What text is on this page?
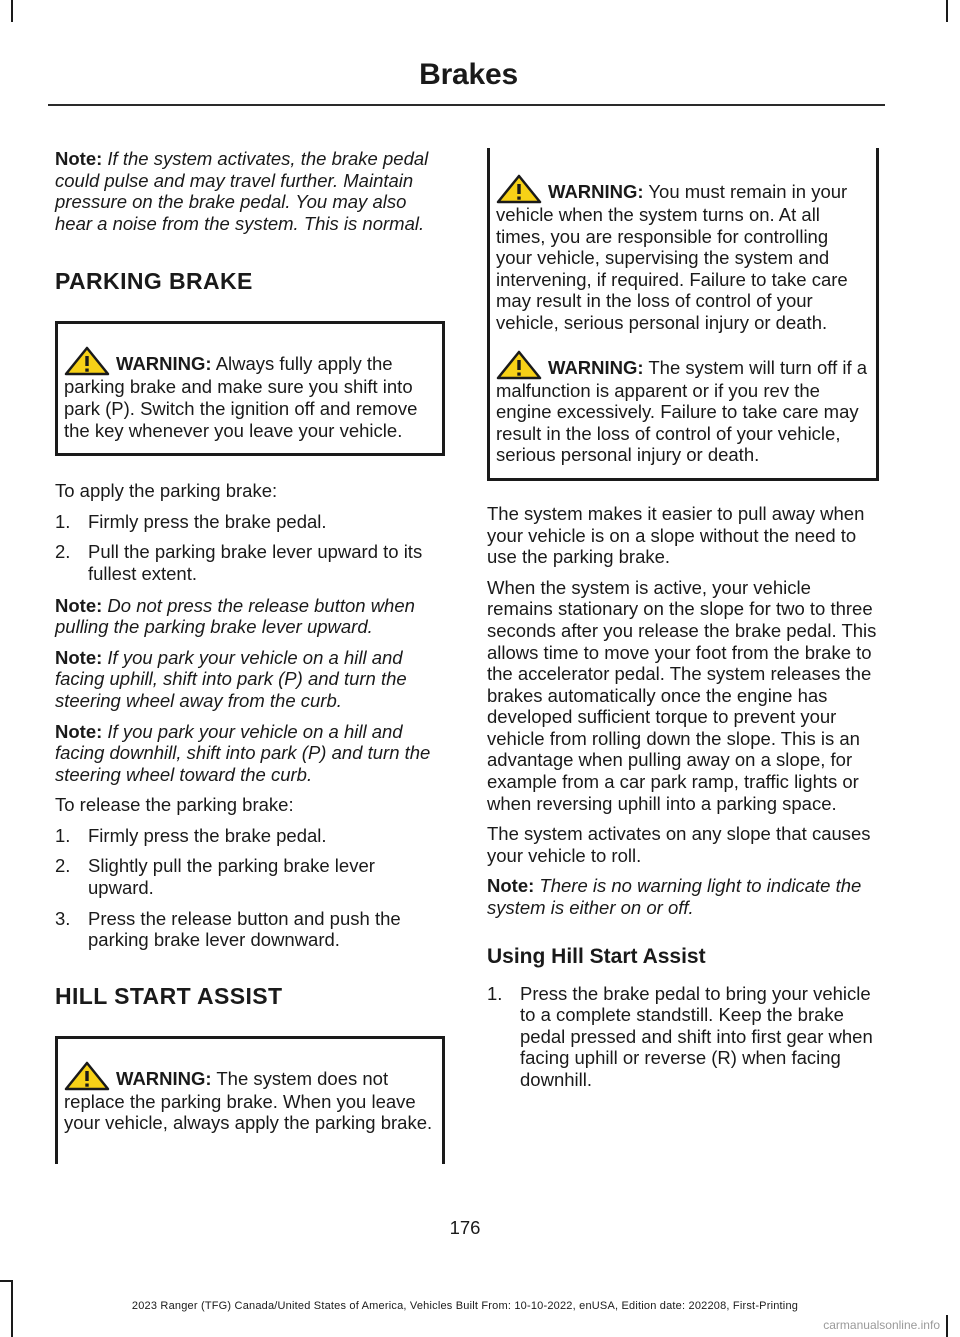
Brakes

Note: If the system activates, the brake pedal could pulse and may travel further. Maintain pressure on the brake pedal. You may also hear a noise from the system. This is normal.

PARKING BRAKE

WARNING: Always fully apply the parking brake and make sure you shift into park (P). Switch the ignition off and remove the key whenever you leave your vehicle.

To apply the parking brake:

1. Firmly press the brake pedal.
2. Pull the parking brake lever upward to its fullest extent.

Note: Do not press the release button when pulling the parking brake lever upward.

Note: If you park your vehicle on a hill and facing uphill, shift into park (P) and turn the steering wheel away from the curb.

Note: If you park your vehicle on a hill and facing downhill, shift into park (P) and turn the steering wheel toward the curb.

To release the parking brake:

1. Firmly press the brake pedal.
2. Slightly pull the parking brake lever upward.
3. Press the release button and push the parking brake lever downward.
HILL START ASSIST

WARNING: The system does not replace the parking brake. When you leave your vehicle, always apply the parking brake.

WARNING: You must remain in your vehicle when the system turns on. At all times, you are responsible for controlling your vehicle, supervising the system and intervening, if required. Failure to take care may result in the loss of control of your vehicle, serious personal injury or death.

WARNING: The system will turn off if a malfunction is apparent or if you rev the engine excessively. Failure to take care may result in the loss of control of your vehicle, serious personal injury or death.

The system makes it easier to pull away when your vehicle is on a slope without the need to use the parking brake.

When the system is active, your vehicle remains stationary on the slope for two to three seconds after you release the brake pedal. This allows time to move your foot from the brake to the accelerator pedal. The system releases the brakes automatically once the engine has developed sufficient torque to prevent your vehicle from rolling down the slope. This is an advantage when pulling away on a slope, for example from a car park ramp, traffic lights or when reversing uphill into a parking space.

The system activates on any slope that causes your vehicle to roll.

Note: There is no warning light to indicate the system is either on or off.

Using Hill Start Assist
1. Press the brake pedal to bring your vehicle to a complete standstill. Keep the brake pedal pressed and shift into first gear when facing uphill or reverse (R) when facing downhill.
176
2023 Ranger (TFG) Canada/United States of America, Vehicles Built From: 10-10-2022, enUSA, Edition date: 202208, First-Printing
carmanualsonline.info
